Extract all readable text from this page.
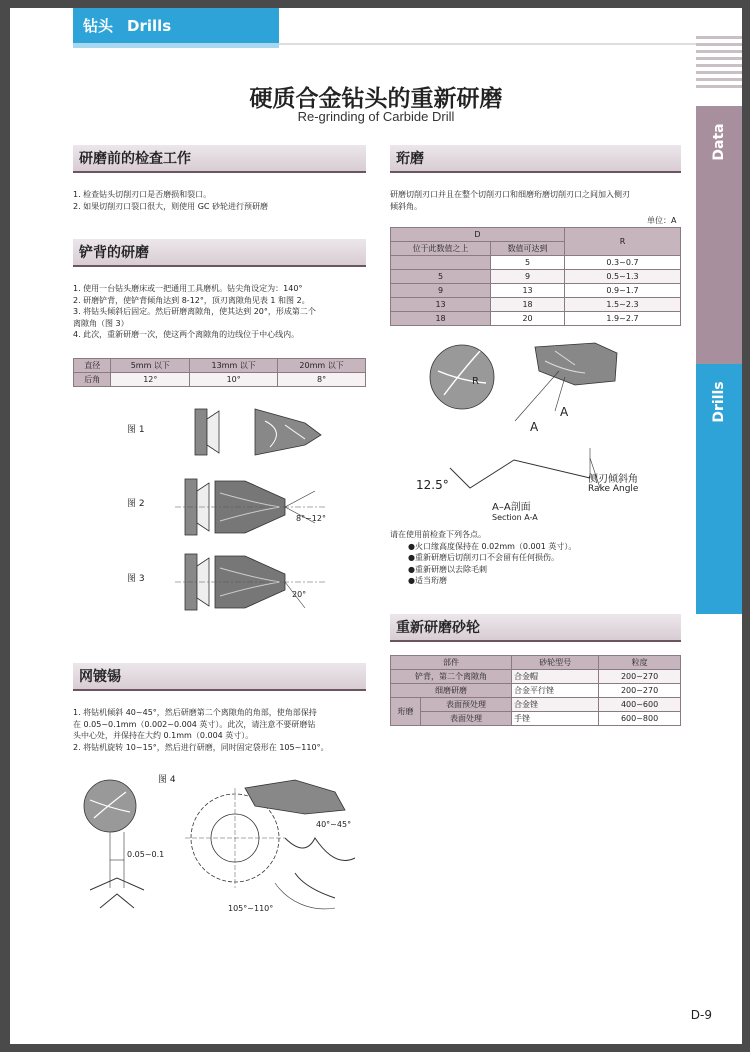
钻头 Drills
Data
Drills
硬质合金钻头的重新研磨
Re-grinding of Carbide Drill
研磨前的检查工作

1. 检查钻头切削刃口是否磨损和裂口。

2. 如果切削刃口裂口很大，则使用 GC 砂轮进行预研磨

铲背的研磨

1. 使用一台钻头磨床或一把通用工具磨机。钻尖角设定为：140°

2. 研磨铲背，使铲背倾角达到 8-12°，顶刃离隙角见表 1 和图 2。

3. 将钻头倾斜后固定。然后研磨离隙角，使其达到 20°，形成第二个

离隙角（图 3）

4. 此次，重新研磨一次，使这两个离隙角的边线位于中心线内。

直径	5mm 以下	13mm 以下	20mm 以下
后角	12°	10°	8°
图 1
图 2
图 3
8°~12°
20°
网镀锡

1. 将钻机倾斜 40~45°，然后研磨第二个离隙角的角部，使角部保持

在 0.05~0.1mm（0.002~0.004 英寸）。此次，请注意不要研磨钻

头中心处，并保持在大约 0.1mm（0.004 英寸）。

2. 将钻机旋转 10~15°，然后进行研磨，同时固定袋形在 105~110°。

图 4
0.05~0.1
40°~45°
105°~110°
珩磨

研磨切削刃口并且在整个切削刃口和细磨珩磨切削刃口之间加入侧刃

倾斜角。

单位：A
D		R
位于此数值之上	数值可达到	
	5	0.3~0.7
5	9	0.5~1.3
9	13	0.9~1.7
13	18	1.5~2.3
18	20	1.9~2.7
R
A
A
12.5°	侧刃倾斜角
Rake Angle
A–A剖面
Section A-A

请在使用前检查下列各点。

●火口缘高度保持在 0.02mm（0.001 英寸）。

●重新研磨后切削刃口不会留有任何损伤。

●重新研磨以去除毛刺

●适当珩磨

重新研磨砂轮
部件		砂轮型号	粒度
铲背，第二个离隙角		合金帽	200~270
细磨研磨		合金平行锉	200~270
珩磨	表面预处理	合金锉	400~600
	表面处理	手锉	600~800
D-9
